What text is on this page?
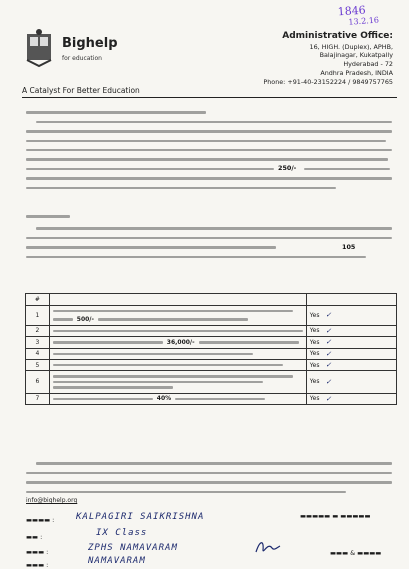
1846
13.2.16
Bighelp
for education
A Catalyst For Better Education
Administrative Office:
16, HIGH. (Duplex), APHB,
Balajinagar, Kukatpally
Hyderabad - 72
Andhra Pradesh, INDIA
Phone: +91-40-23152224 / 9849757765
250/-
105
#		
1	500/-	Yes ✓

2		Yes ✓

3	36,000/-	Yes ✓

4		Yes ✓

5		Yes ✓

6		Yes ✓

7	40%	Yes ✓
info@bighelp.org
▬▬▬▬ : KALPAGIRI SAIKRISHNA
▬▬ :	IX Class
▬▬▬ :	ZPHS NAMAVARAM
▬▬▬ :	NAMAVARAM
▬▬▬▬▬ ▬ ▬▬▬▬▬
▬▬▬ & ▬▬▬▬
